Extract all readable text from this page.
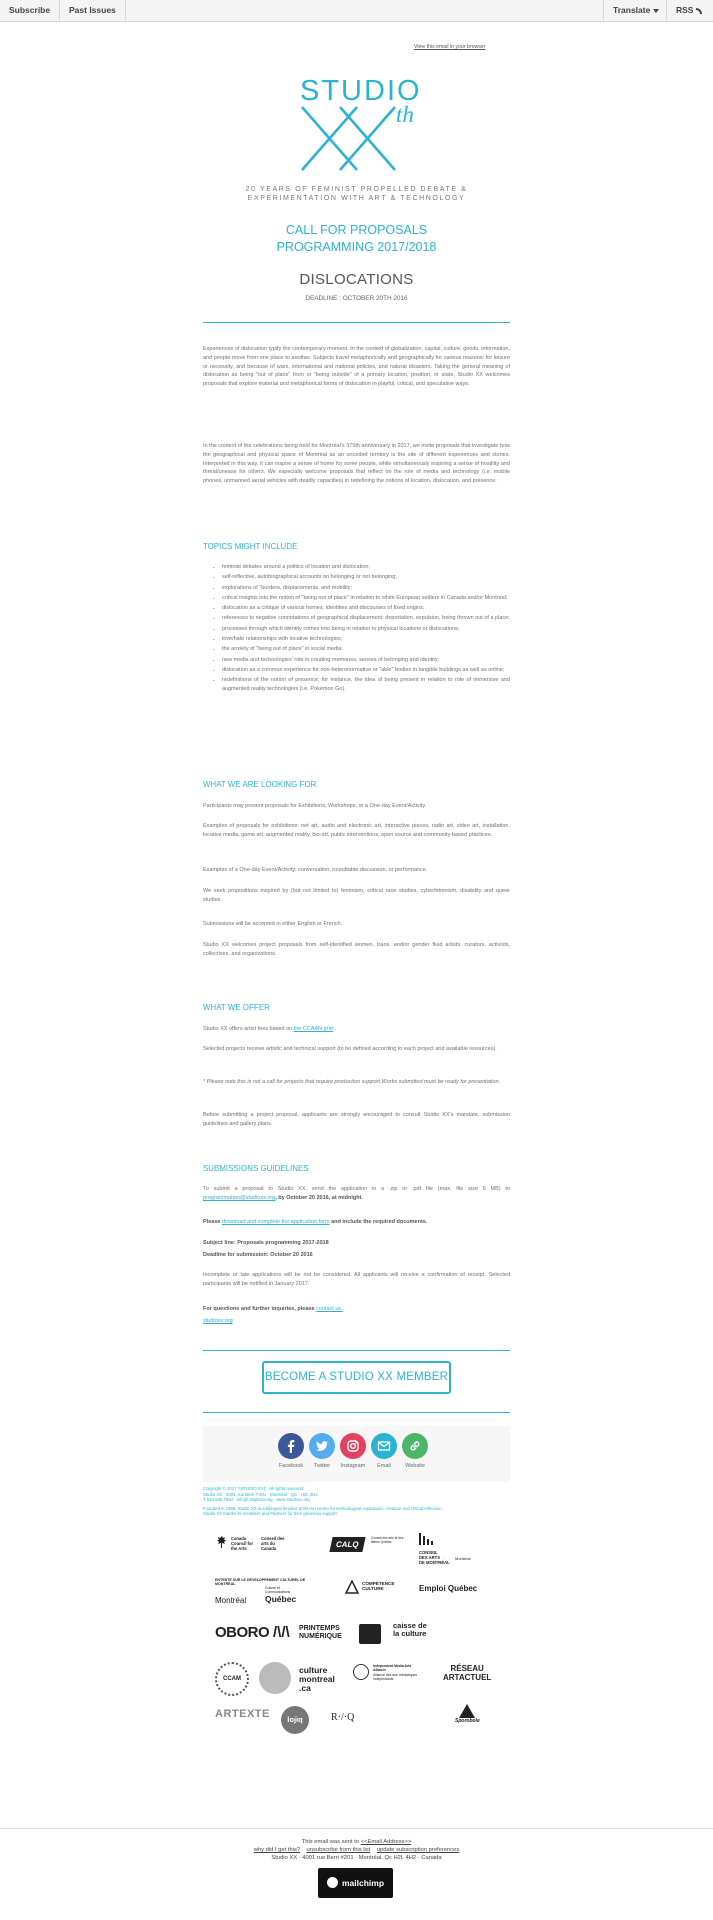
Subscribe	Past Issues	Translate	RSS
View this email in your browser
STUDIO
th
20 YEARS OF FEMINIST PROPELLED DEBATE &
EXPERIMENTATION WITH ART & TECHNOLOGY
CALL FOR PROPOSALS
PROGRAMMING 2017/2018
DISLOCATIONS
DEADLINE : OCTOBER 20TH 2016
Experiences of dislocation typify the contemporary moment. In the context of globalization, capital, culture, goods, information, and people move from one place to another. Subjects travel metaphorically and geographically for various reasons: for leisure or necessity, and because of wars, international and national policies, and natural disasters. Taking the general meaning of dislocation as being "out of place" from or "being outside" of a primary location, position, or state, Studio XX welcomes proposals that explore material and metaphorical forms of dislocation in playful, critical, and speculative ways.
In the context of the celebrations being held for Montréal's 375th anniversary in 2017, we invite proposals that investigate how the geographical and physical space of Montréal as an unceded territory is the site of different experiences and stories. Interpreted in this way, it can inspire a sense of home for some people, while simultaneously inspiring a sense of hostility and threat/unease for others. We especially welcome proposals that reflect on the role of media and technology (i.e. mobile phones, unmanned aerial vehicles with deadly capacities) in redefining the notions of location, dislocation, and presence.
TOPICS MIGHT INCLUDE
• feminist debates around a politics of location and dislocation;
• self-reflective, autobiographical accounts on belonging or not belonging;
• explorations of "borders, displacements, and mobility;
• critical insights into the notion of "being out of place" in relation to white European settlers in Canada and/or Montréal;
• dislocation as a critique of various homes, identities and discourses of fixed origins;
• references to negative connotations of geographical displacement: deportation, expulsion, being thrown out of a place;
• processes through which identity comes into being in relation to physical locations or dislocations;
• love/hate relationships with locative technologies;
• the anxiety of "being out of place" in social media;
• new media and technologies' role in creating memories, senses of belonging and identity;
• dislocation as a common experience for non-heteronormative or "able" bodies in tangible buildings as well as online;
• redefinitions of the notion of presence; for instance, the idea of being present in relation to role of immersive and augmented reality technologies (i.e. Pokemon Go).
WHAT WE ARE LOOKING FOR
Participants may present proposals for Exhibitions, Workshops, or a One-day Event/Activity.
Examples of proposals for exhibitions: net art, audio and electronic art, interactive pieces, radio art, video art, installation, locative media, game art, augmented reality, bio-art, public interventions, open source and community-based practices.
Examples of a One-day Event/Activity: conversation, roundtable discussion, or performance.
We seek propositions inspired by (but not limited to) feminism, critical race studies, cyberfeminism, disability and queer studies.
Submissions will be accepted in either English or French.
Studio XX welcomes project proposals from self-identified women, trans, and/or gender fluid artists, curators, activists, collectives, and organizations.
WHAT WE OFFER
Studio XX offers artist fees based on the CCAAN grid
Selected projects receive artistic and technical support (to be defined according to each project and available resources).
* Please note this is not a call for projects that require production support.Works submitted must be ready for presentation.
Before submitting a project proposal, applicants are strongly encouraged to consult Studio XX's mandate, submission guidelines and gallery plans.
SUBMISSIONS GUIDELINES
To submit a proposal to Studio XX, send the application in a .zip or .pdf file (max. file size 5 MB) to programmation@studioxx.org, by October 20 2016, at midnight.
Please download and complete the application form and include the required documents.
Subject line: Proposals programming 2017-2018
Deadline for submission: October 20 2016
Incomplete or late applications will be not be considered. All applicants will receive a confirmation of receipt. Selected participants will be notified in January 2017.
For questions and further inquiries, please contact us.
studioxx.org
BECOME A STUDIO XX MEMBER
Facebook	Twitter	Instagram	Email	Website
Copyright © 2017 *|STUDIO XX|*, All rights reserved.
Studio XX · 4001, rue Berri # 201 · Montréal · QC · H2L 4H2
T 514 845 7934 · info@ studioxx.org · www.studioxx.org
Founded in 1996, Studio XX is a bilingual feminist artist-run centre for technological exploration, creation and critical reflection.
Studio XX thanks its members and Partners for their generous support.
Canada Council for the Arts
Conseil des arts du Canada	CALQ
Conseil des arts et des lettres Québec
CONSEIL
DES ARTS
DE MONTRÉAL
Montréal
ENTENTE SUR LE DÉVELOPPEMENT CULTUREL DE MONTRÉAL
Montréal
Culture et Communications
Québec
COMPÉTENCE CULTURE	Emploi Québec
OBORO /\/\ PRINTEMPS
NUMÉRIQUE
caisse de
la culture
CCAM
culture
montreal
.ca
Independent Media Arts Alliance
Alliance des arts médiatiques indépendants
RÉSEAU
ARTACTUEL
ARTEXTE	lojiq	R·/·Q	Sporobole
This email was sent to <<Email Address>>
why did I get this? unsubscribe from this list update subscription preferences
Studio XX · 4001 rue Berri #201 · Montréal, Qc H2L 4H2 · Canada
mailchimp
